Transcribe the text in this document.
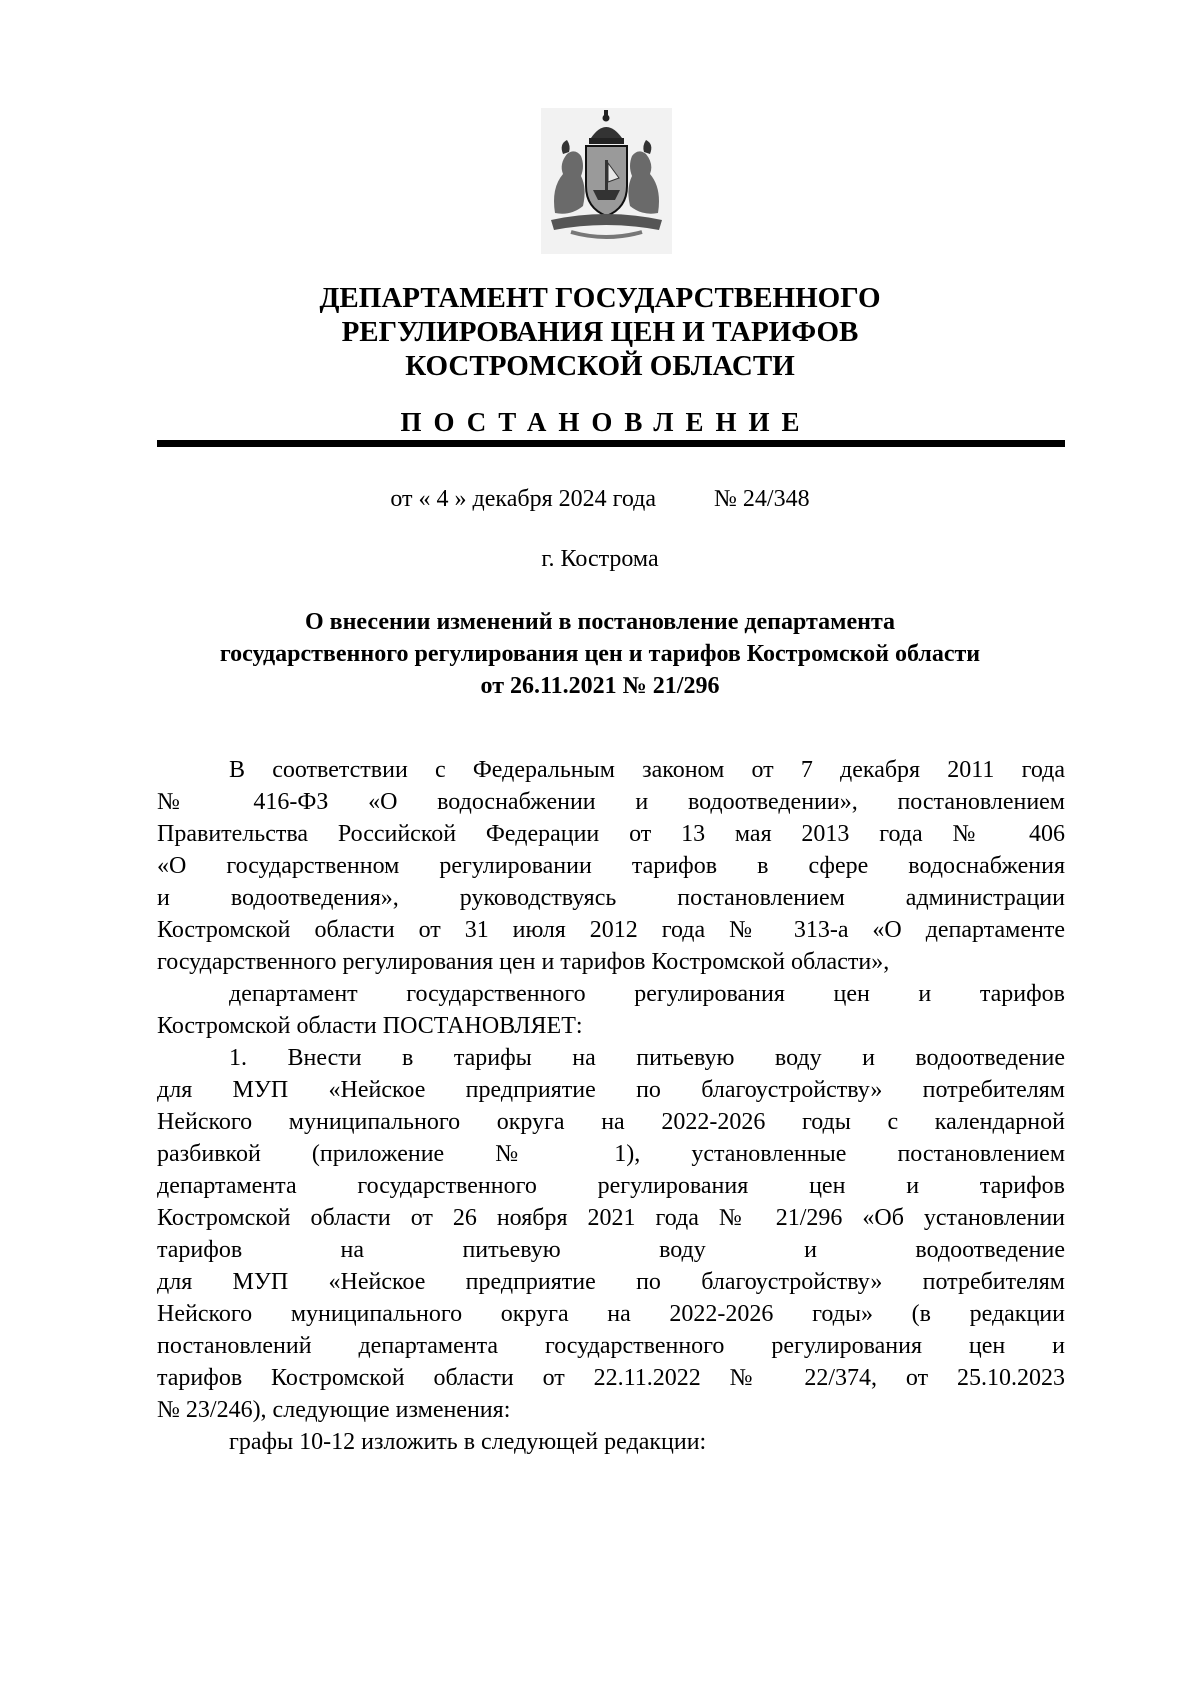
ДЕПАРТАМЕНТ ГОСУДАРСТВЕННОГО
РЕГУЛИРОВАНИЯ ЦЕН И ТАРИФОВ
КОСТРОМСКОЙ ОБЛАСТИ
ПОСТАНОВЛЕНИЕ
от « 4 » декабря 2024 года № 24/348
г. Кострома
О внесении изменений в постановление департамента
государственного регулирования цен и тарифов Костромской области
от 26.11.2021 № 21/296
В соответствии с Федеральным законом от 7 декабря 2011 года
№ 416-ФЗ «О водоснабжении и водоотведении», постановлением
Правительства Российской Федерации от 13 мая 2013 года № 406
«О государственном регулировании тарифов в сфере водоснабжения
и водоотведения», руководствуясь постановлением администрации
Костромской области от 31 июля 2012 года № 313-а «О департаменте
государственного регулирования цен и тарифов Костромской области»,
департамент государственного регулирования цен и тарифов
Костромской области ПОСТАНОВЛЯЕТ:
1. Внести в тарифы на питьевую воду и водоотведение
для МУП «Нейское предприятие по благоустройству» потребителям
Нейского муниципального округа на 2022-2026 годы с календарной
разбивкой (приложение № 1), установленные постановлением
департамента государственного регулирования цен и тарифов
Костромской области от 26 ноября 2021 года № 21/296 «Об установлении
тарифов на питьевую воду и водоотведение
для МУП «Нейское предприятие по благоустройству» потребителям
Нейского муниципального округа на 2022-2026 годы» (в редакции
постановлений департамента государственного регулирования цен и
тарифов Костромской области от 22.11.2022 № 22/374, от 25.10.2023
№ 23/246), следующие изменения:
графы 10-12 изложить в следующей редакции:
